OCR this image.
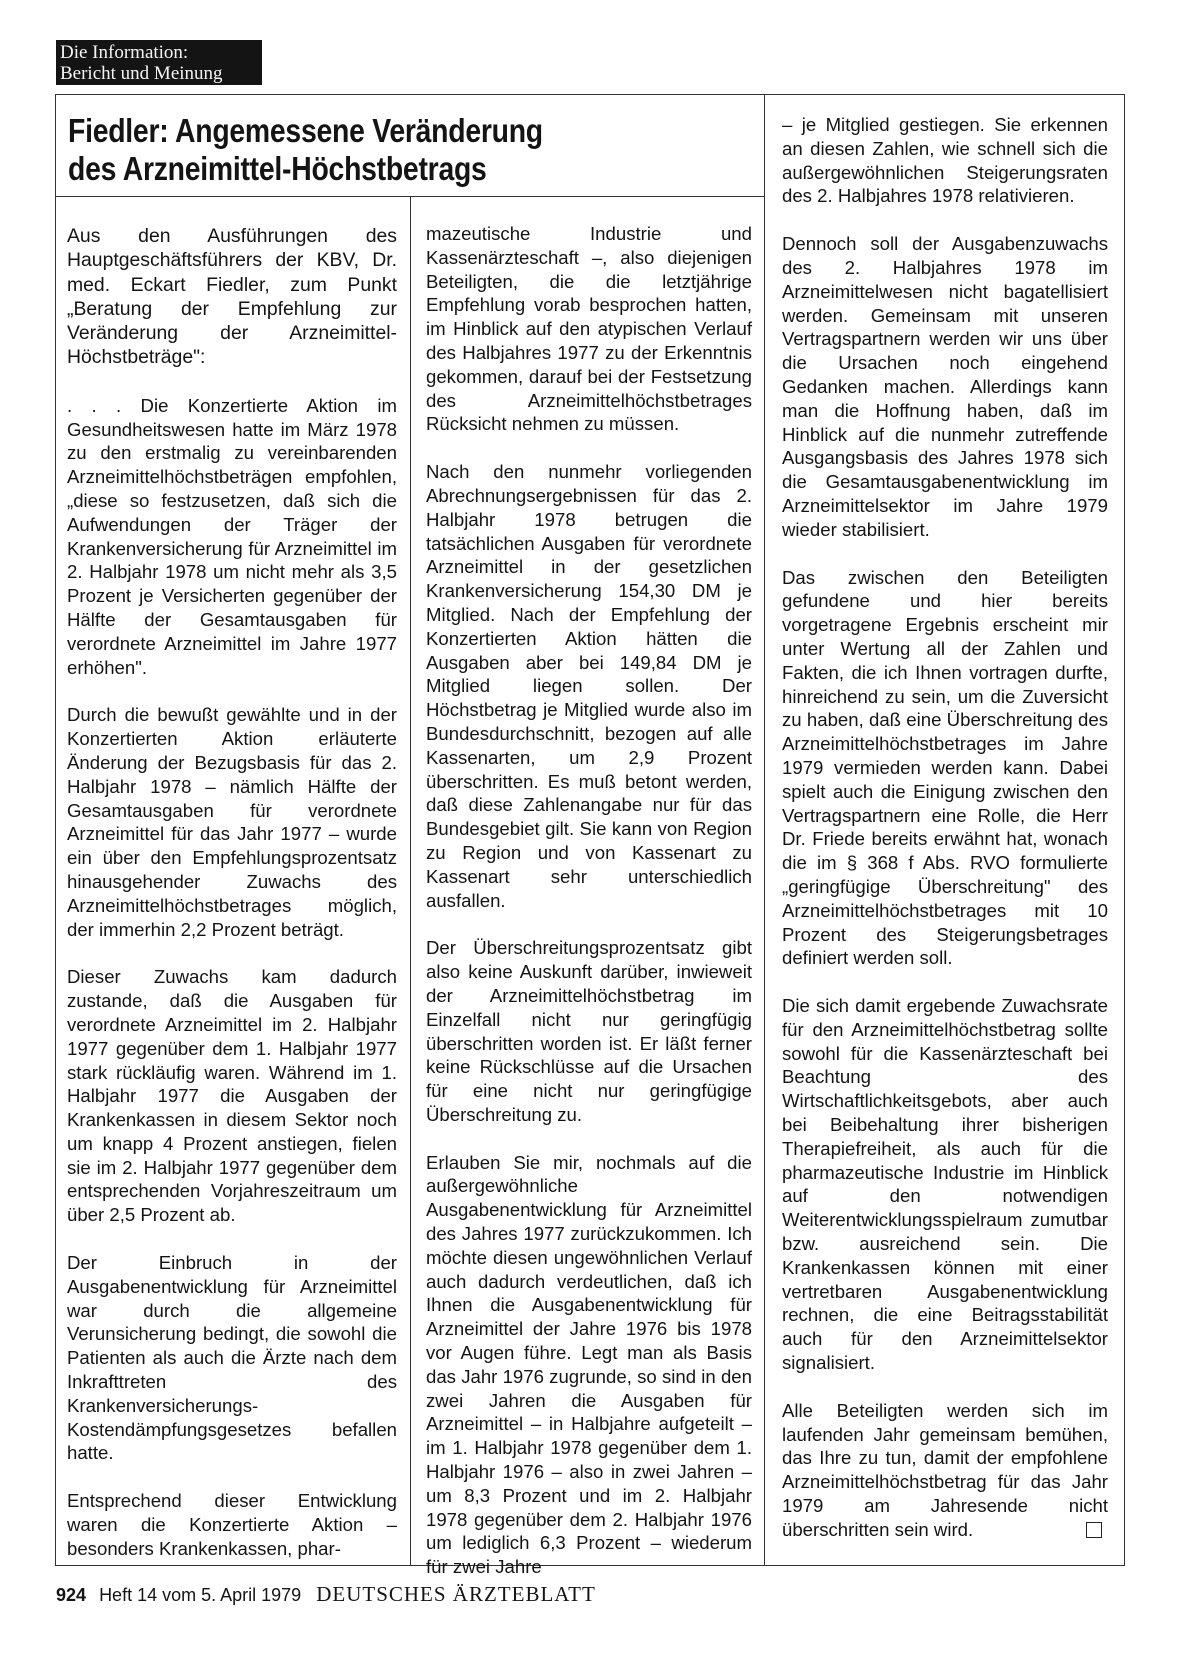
Die Information:
Bericht und Meinung
Fiedler: Angemessene Veränderung
des Arzneimittel-Höchstbetrags

Aus den Ausführungen des Hauptgeschäftsführers der KBV, Dr. med. Eckart Fiedler, zum Punkt „Beratung der Empfehlung zur Veränderung der Arzneimittel-Höchstbeträge":

. . . Die Konzertierte Aktion im Gesundheitswesen hatte im März 1978 zu den erstmalig zu vereinbarenden Arzneimittelhöchstbeträgen empfohlen, „diese so festzusetzen, daß sich die Aufwendungen der Träger der Krankenversicherung für Arzneimittel im 2. Halbjahr 1978 um nicht mehr als 3,5 Prozent je Versicherten gegenüber der Hälfte der Gesamtausgaben für verordnete Arzneimittel im Jahre 1977 erhöhen".

Durch die bewußt gewählte und in der Konzertierten Aktion erläuterte Änderung der Bezugsbasis für das 2. Halbjahr 1978 – nämlich Hälfte der Gesamtausgaben für verordnete Arzneimittel für das Jahr 1977 – wurde ein über den Empfehlungsprozentsatz hinausgehender Zuwachs des Arzneimittelhöchstbetrages möglich, der immerhin 2,2 Prozent beträgt.

Dieser Zuwachs kam dadurch zustande, daß die Ausgaben für verordnete Arzneimittel im 2. Halbjahr 1977 gegenüber dem 1. Halbjahr 1977 stark rückläufig waren. Während im 1. Halbjahr 1977 die Ausgaben der Krankenkassen in diesem Sektor noch um knapp 4 Prozent anstiegen, fielen sie im 2. Halbjahr 1977 gegenüber dem entsprechenden Vorjahreszeitraum um über 2,5 Prozent ab.

Der Einbruch in der Ausgabenentwicklung für Arzneimittel war durch die allgemeine Verunsicherung bedingt, die sowohl die Patienten als auch die Ärzte nach dem Inkrafttreten des Krankenversicherungs-Kostendämpfungsgesetzes befallen hatte.

Entsprechend dieser Entwicklung waren die Konzertierte Aktion – besonders Krankenkassen, phar-

mazeutische Industrie und Kassenärzteschaft –, also diejenigen Beteiligten, die die letztjährige Empfehlung vorab besprochen hatten, im Hinblick auf den atypischen Verlauf des Halbjahres 1977 zu der Erkenntnis gekommen, darauf bei der Festsetzung des Arzneimittelhöchstbetrages Rücksicht nehmen zu müssen.

Nach den nunmehr vorliegenden Abrechnungsergebnissen für das 2. Halbjahr 1978 betrugen die tatsächlichen Ausgaben für verordnete Arzneimittel in der gesetzlichen Krankenversicherung 154,30 DM je Mitglied. Nach der Empfehlung der Konzertierten Aktion hätten die Ausgaben aber bei 149,84 DM je Mitglied liegen sollen. Der Höchstbetrag je Mitglied wurde also im Bundesdurchschnitt, bezogen auf alle Kassenarten, um 2,9 Prozent überschritten. Es muß betont werden, daß diese Zahlenangabe nur für das Bundesgebiet gilt. Sie kann von Region zu Region und von Kassenart zu Kassenart sehr unterschiedlich ausfallen.

Der Überschreitungsprozentsatz gibt also keine Auskunft darüber, inwieweit der Arzneimittelhöchstbetrag im Einzelfall nicht nur geringfügig überschritten worden ist. Er läßt ferner keine Rückschlüsse auf die Ursachen für eine nicht nur geringfügige Überschreitung zu.

Erlauben Sie mir, nochmals auf die außergewöhnliche Ausgabenentwicklung für Arzneimittel des Jahres 1977 zurückzukommen. Ich möchte diesen ungewöhnlichen Verlauf auch dadurch verdeutlichen, daß ich Ihnen die Ausgabenentwicklung für Arzneimittel der Jahre 1976 bis 1978 vor Augen führe. Legt man als Basis das Jahr 1976 zugrunde, so sind in den zwei Jahren die Ausgaben für Arzneimittel – in Halbjahre aufgeteilt – im 1. Halbjahr 1978 gegenüber dem 1. Halbjahr 1976 – also in zwei Jahren – um 8,3 Prozent und im 2. Halbjahr 1978 gegenüber dem 2. Halbjahr 1976 um lediglich 6,3 Prozent – wiederum für zwei Jahre

– je Mitglied gestiegen. Sie erkennen an diesen Zahlen, wie schnell sich die außergewöhnlichen Steigerungsraten des 2. Halbjahres 1978 relativieren.

Dennoch soll der Ausgabenzuwachs des 2. Halbjahres 1978 im Arzneimittelwesen nicht bagatellisiert werden. Gemeinsam mit unseren Vertragspartnern werden wir uns über die Ursachen noch eingehend Gedanken machen. Allerdings kann man die Hoffnung haben, daß im Hinblick auf die nunmehr zutreffende Ausgangsbasis des Jahres 1978 sich die Gesamtausgabenentwicklung im Arzneimittelsektor im Jahre 1979 wieder stabilisiert.

Das zwischen den Beteiligten gefundene und hier bereits vorgetragene Ergebnis erscheint mir unter Wertung all der Zahlen und Fakten, die ich Ihnen vortragen durfte, hinreichend zu sein, um die Zuversicht zu haben, daß eine Überschreitung des Arzneimittelhöchstbetrages im Jahre 1979 vermieden werden kann. Dabei spielt auch die Einigung zwischen den Vertragspartnern eine Rolle, die Herr Dr. Friede bereits erwähnt hat, wonach die im § 368 f Abs. RVO formulierte „geringfügige Überschreitung" des Arzneimittelhöchstbetrages mit 10 Prozent des Steigerungsbetrages definiert werden soll.

Die sich damit ergebende Zuwachsrate für den Arzneimittelhöchstbetrag sollte sowohl für die Kassenärzteschaft bei Beachtung des Wirtschaftlichkeitsgebots, aber auch bei Beibehaltung ihrer bisherigen Therapiefreiheit, als auch für die pharmazeutische Industrie im Hinblick auf den notwendigen Weiterentwicklungsspielraum zumutbar bzw. ausreichend sein. Die Krankenkassen können mit einer vertretbaren Ausgabenentwicklung rechnen, die eine Beitragsstabilität auch für den Arzneimittelsektor signalisiert.

Alle Beteiligten werden sich im laufenden Jahr gemeinsam bemühen, das Ihre zu tun, damit der empfohlene Arzneimittelhöchstbetrag für das Jahr 1979 am Jahresende nicht überschritten sein wird.

924 Heft 14 vom 5. April 1979 DEUTSCHES ÄRZTEBLATT
